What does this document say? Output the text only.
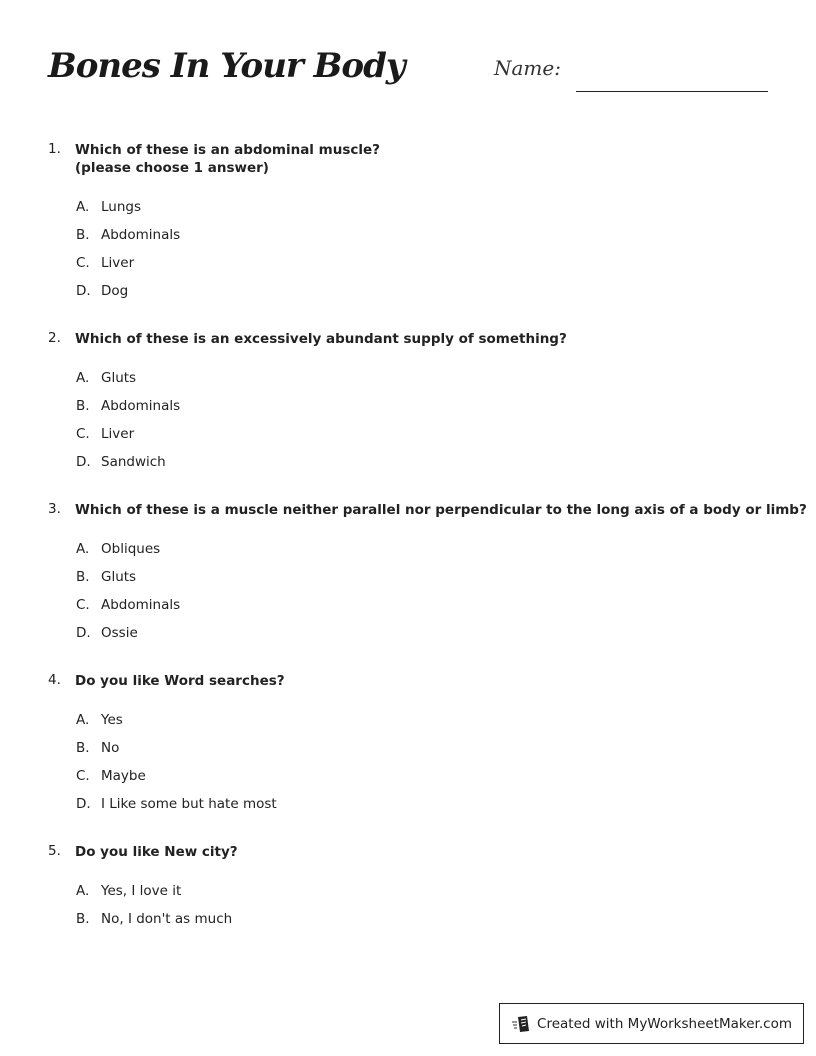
Bones In Your Body	Name:
1.	Which of these is an abdominal muscle?
(please choose 1 answer)
A. Lungs
B. Abdominals
C. Liver
D. Dog
2.	Which of these is an excessively abundant supply of something?
A. Gluts
B. Abdominals
C. Liver
D. Sandwich
3.	Which of these is a muscle neither parallel nor perpendicular to the long axis of a body or limb?
A. Obliques
B. Gluts
C. Abdominals
D. Ossie
4.	Do you like Word searches?
A. Yes
B. No
C. Maybe
D. I Like some but hate most
5.	Do you like New city?
A. Yes, I love it
B. No, I don't as much
Created with MyWorksheetMaker.com
